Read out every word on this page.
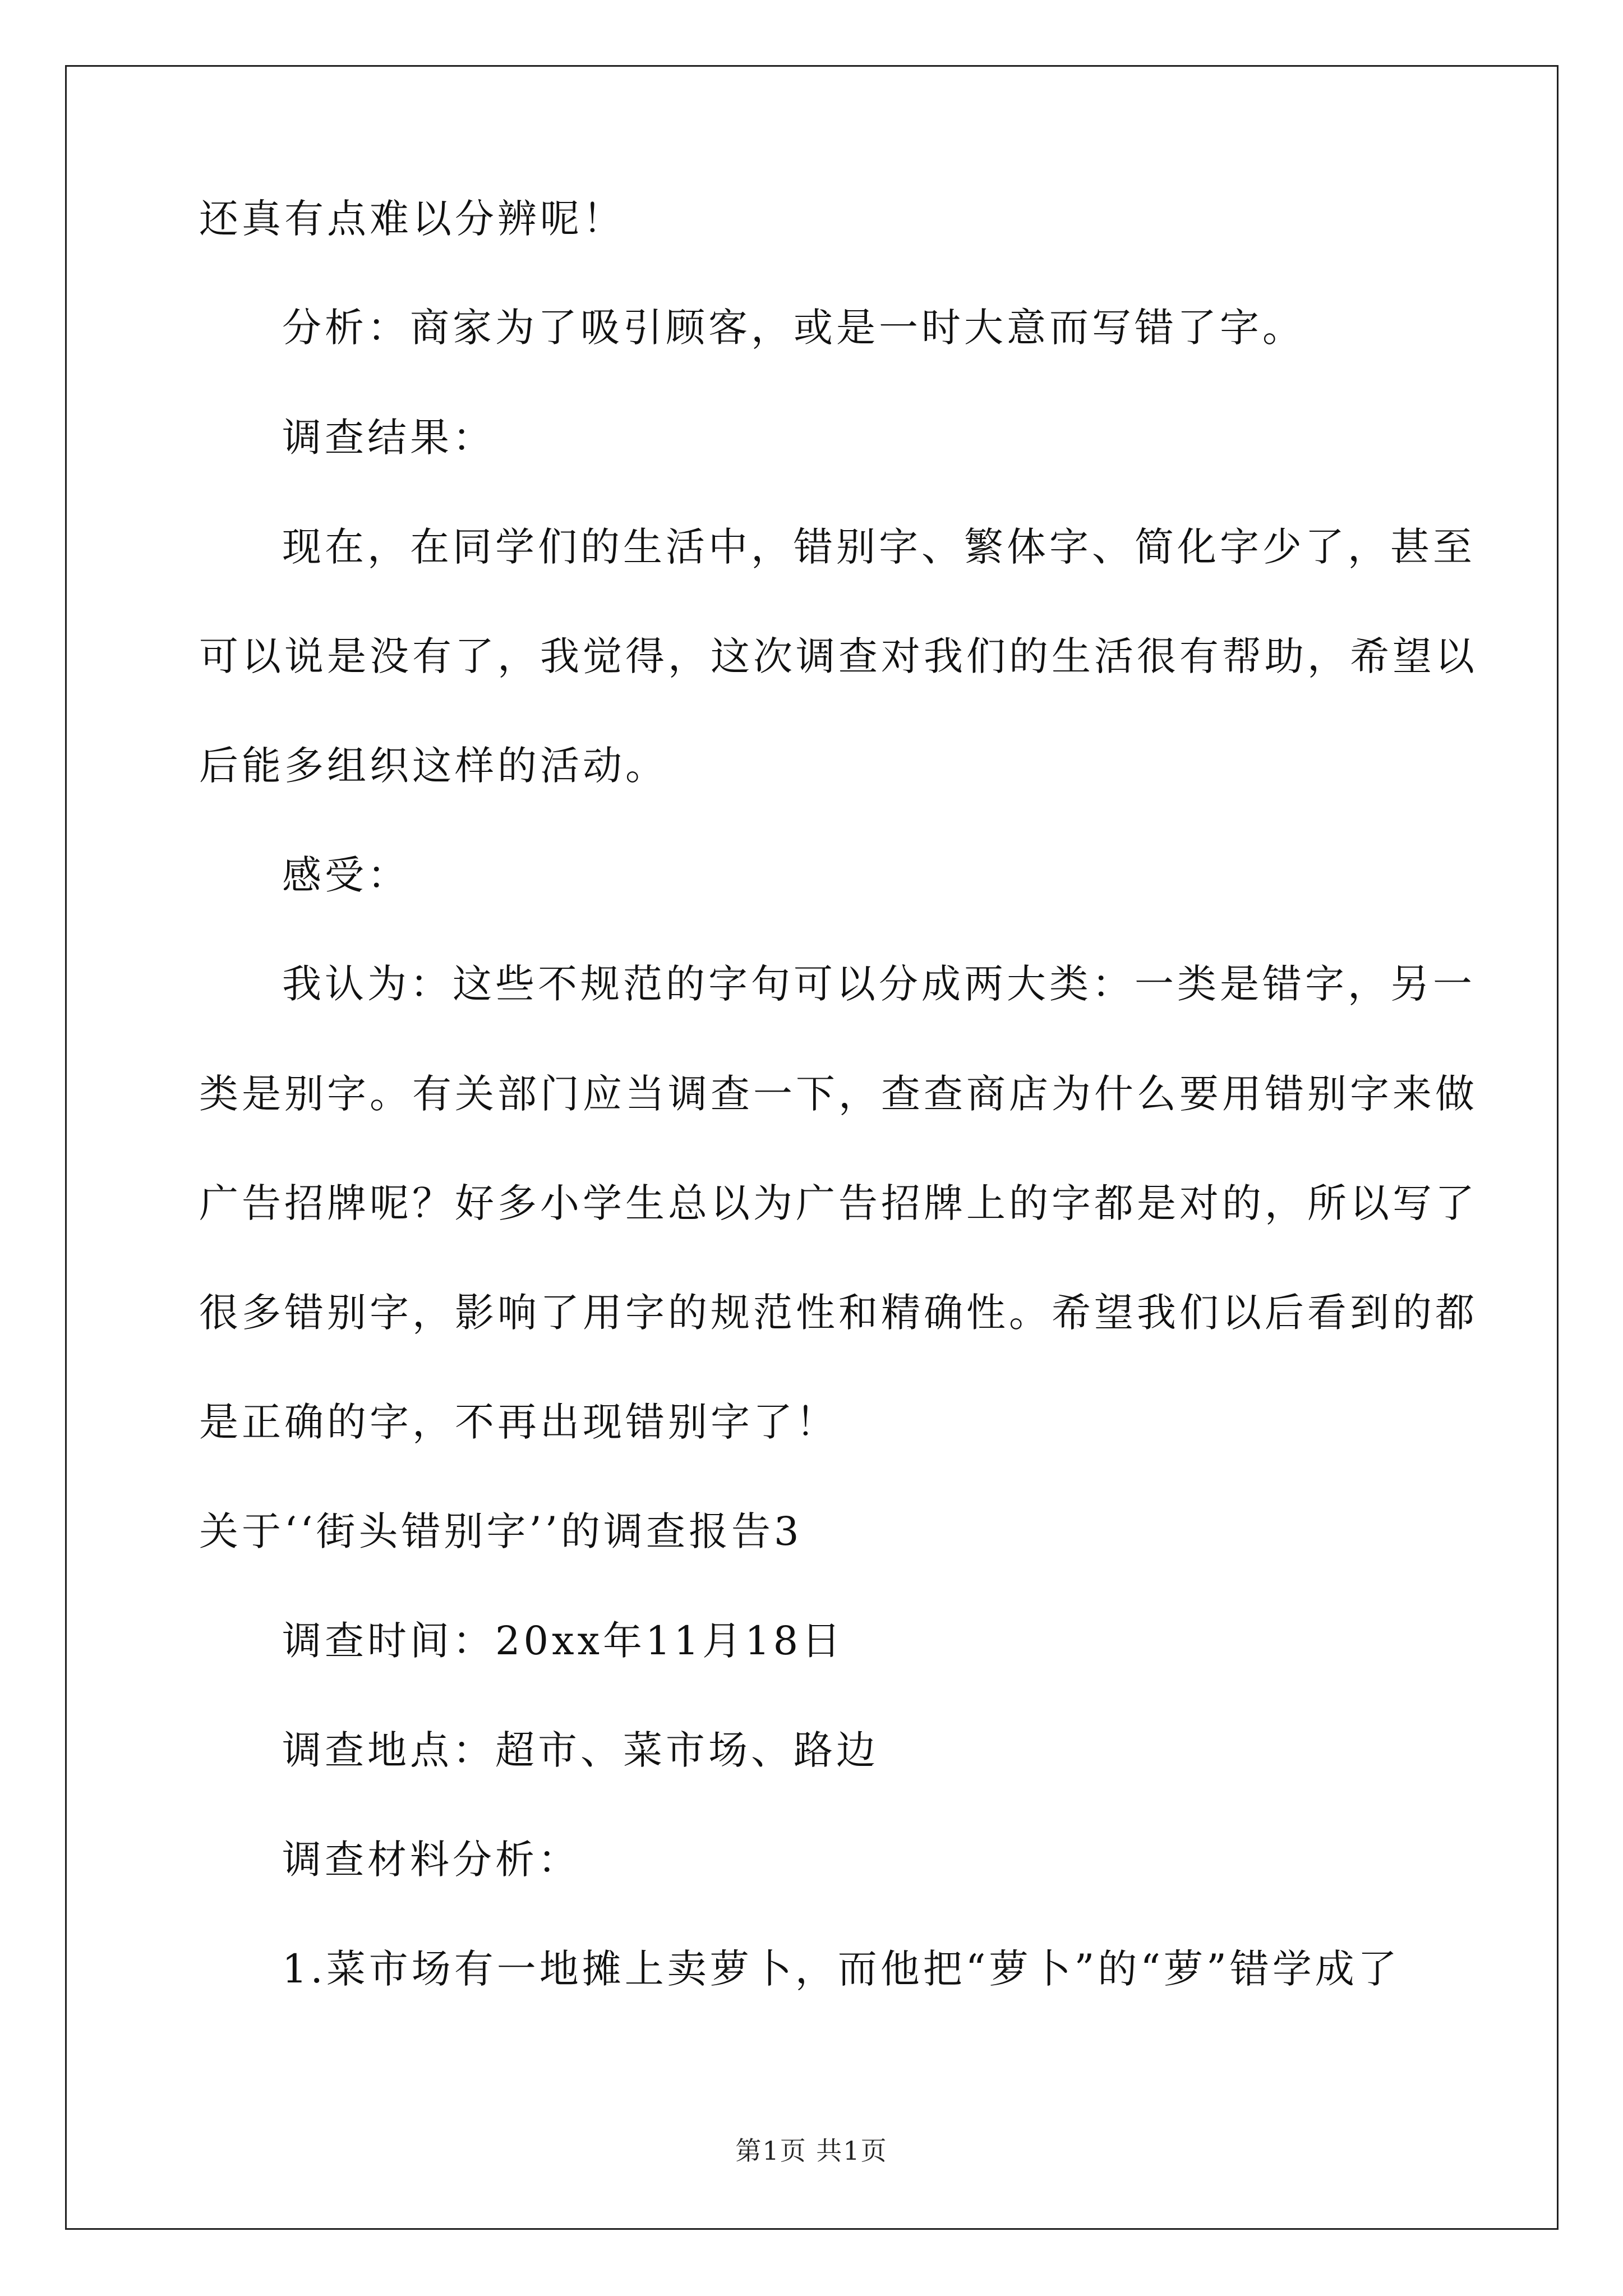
还真有点难以分辨呢！
分析：商家为了吸引顾客，或是一时大意而写错了字。
调查结果：
现在，在同学们的生活中，错别字、繁体字、简化字少了，甚至
可以说是没有了，我觉得，这次调查对我们的生活很有帮助，希望以
后能多组织这样的活动。
感受：
我认为：这些不规范的字句可以分成两大类：一类是错字，另一
类是别字。有关部门应当调查一下，查查商店为什么要用错别字来做
广告招牌呢？好多小学生总以为广告招牌上的字都是对的，所以写了
很多错别字，影响了用字的规范性和精确性。希望我们以后看到的都
是正确的字，不再出现错别字了！
关于‘‘街头错别字’’的调查报告3
调查时间：20xx年11月18日
调查地点：超市、菜市场、路边
调查材料分析：
1.菜市场有一地摊上卖萝卜，而他把“萝卜”的“萝”错学成了
第1页 共1页
